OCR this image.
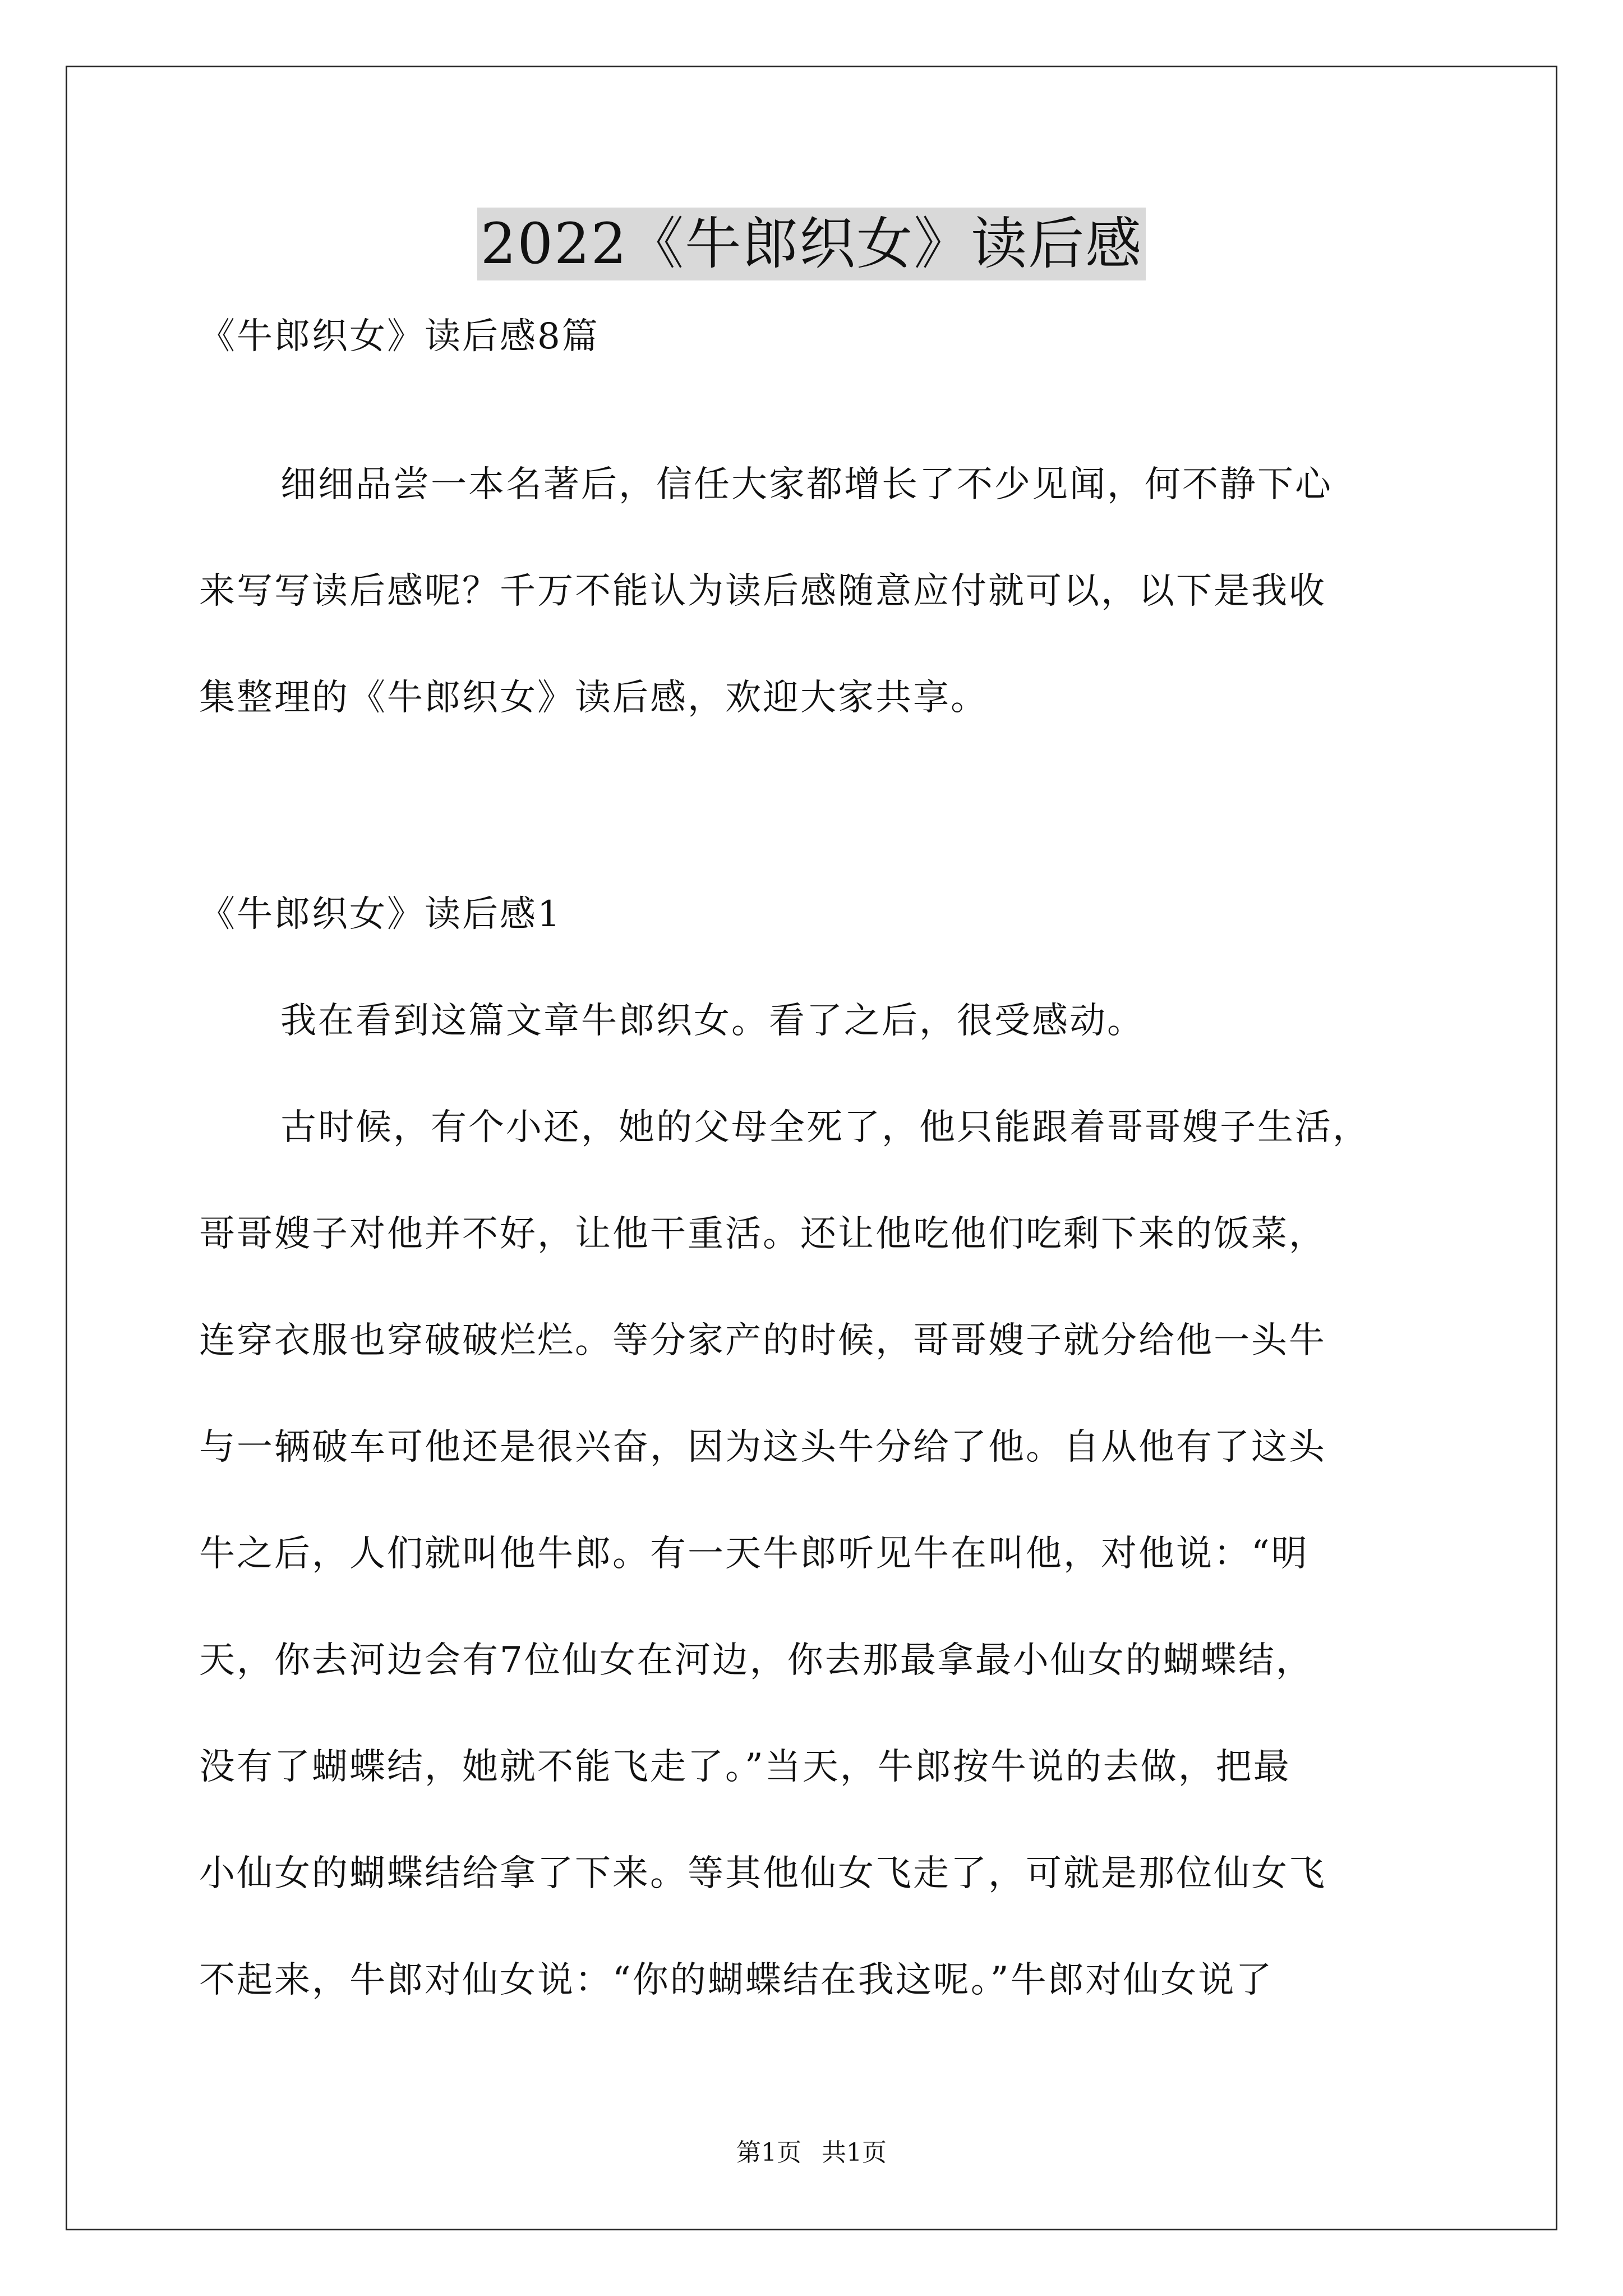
2022《牛郎织女》读后感
《牛郎织女》读后感8篇
细细品尝一本名著后，信任大家都增长了不少见闻，何不静下心
来写写读后感呢？千万不能认为读后感随意应付就可以，以下是我收
集整理的《牛郎织女》读后感，欢迎大家共享。
《牛郎织女》读后感1
我在看到这篇文章牛郎织女。看了之后，很受感动。
古时候，有个小还，她的父母全死了，他只能跟着哥哥嫂子生活，
哥哥嫂子对他并不好，让他干重活。还让他吃他们吃剩下来的饭菜，
连穿衣服也穿破破烂烂。等分家产的时候，哥哥嫂子就分给他一头牛
与一辆破车可他还是很兴奋，因为这头牛分给了他。自从他有了这头
牛之后，人们就叫他牛郎。有一天牛郎听见牛在叫他，对他说：“明
天，你去河边会有7位仙女在河边，你去那最拿最小仙女的蝴蝶结，
没有了蝴蝶结，她就不能飞走了。”当天，牛郎按牛说的去做，把最
小仙女的蝴蝶结给拿了下来。等其他仙女飞走了，可就是那位仙女飞
不起来，牛郎对仙女说：“你的蝴蝶结在我这呢。”牛郎对仙女说了
第1页 共1页
